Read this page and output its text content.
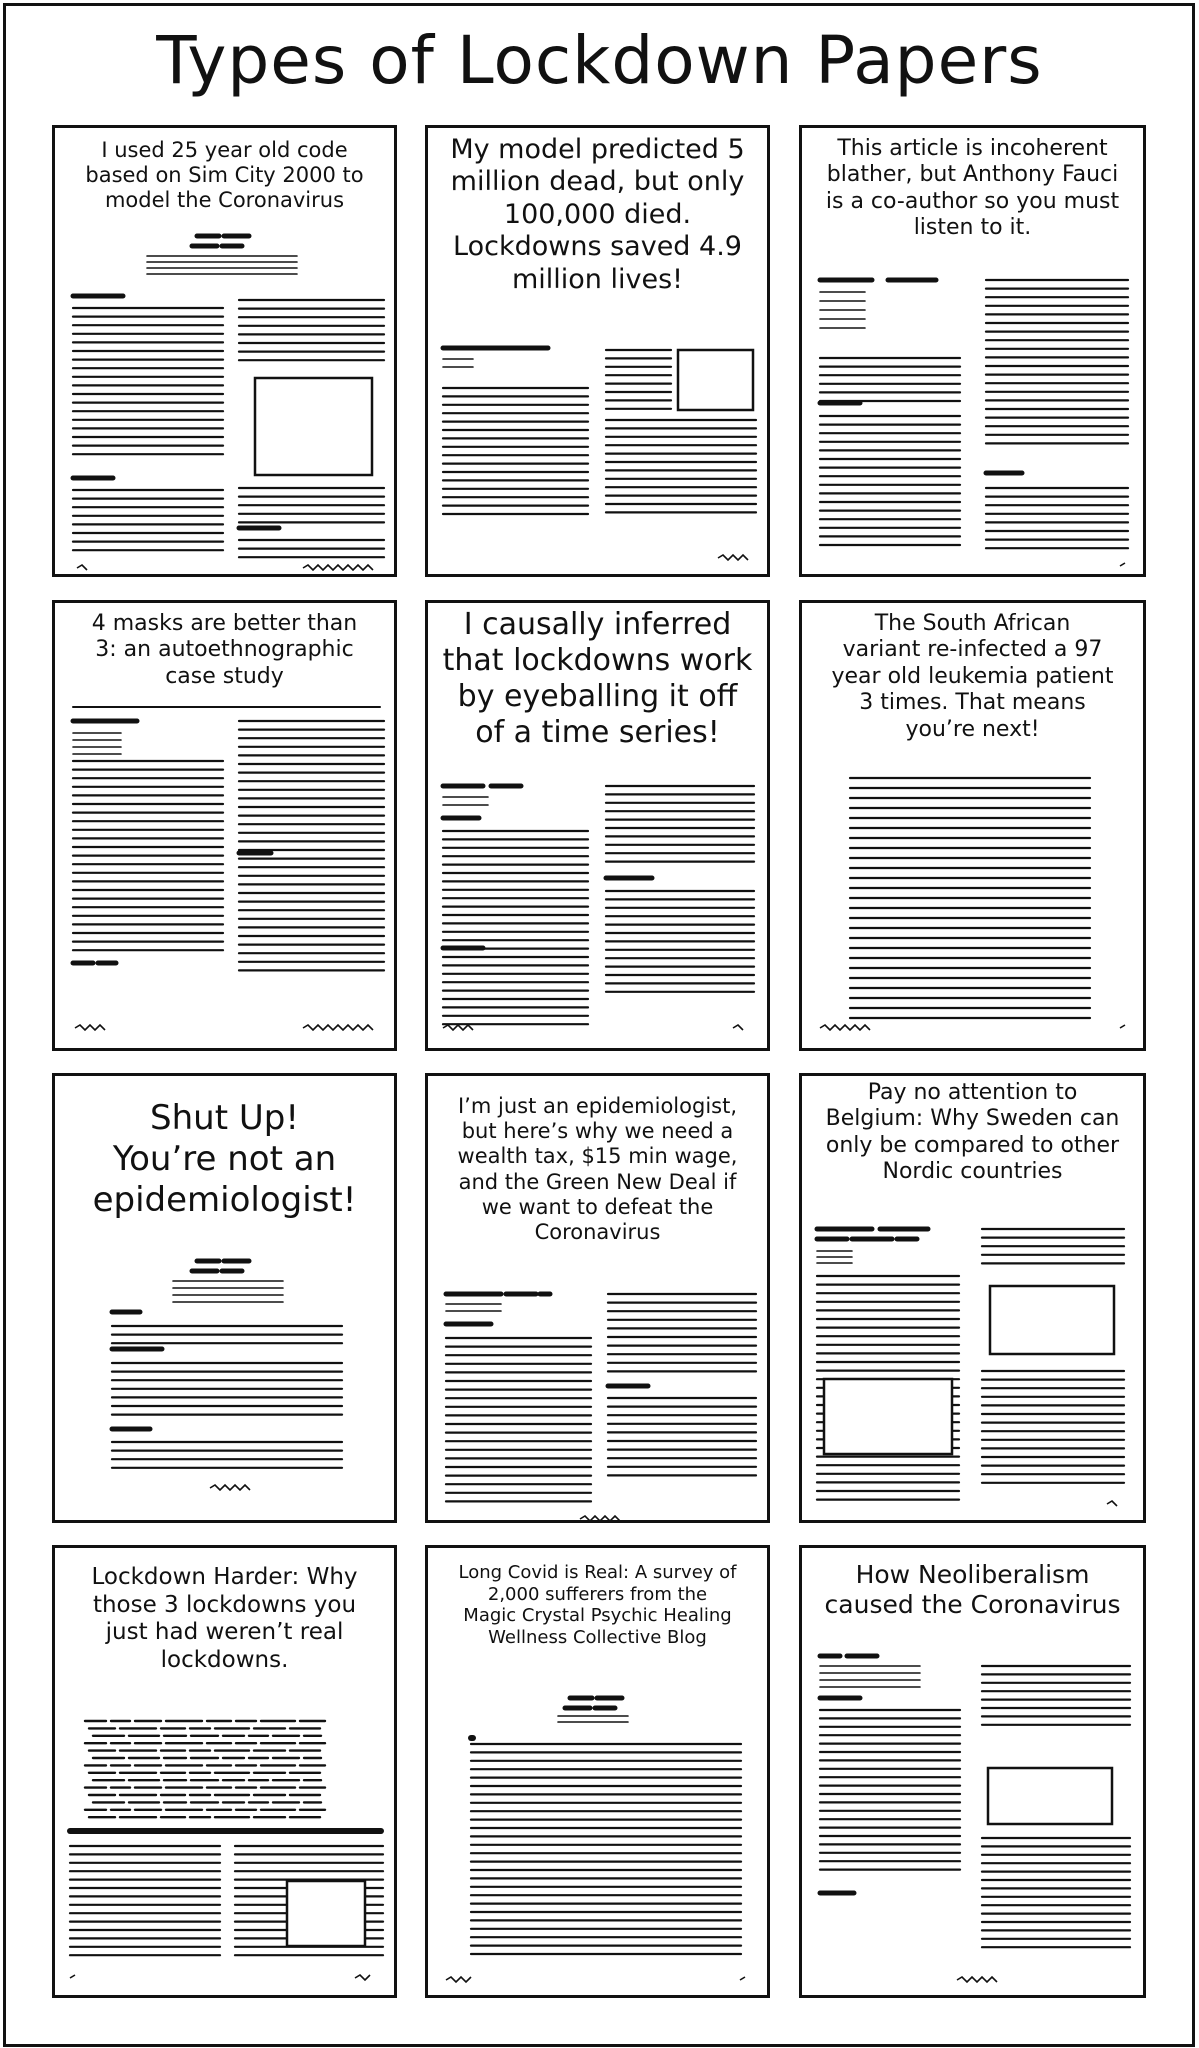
Types of Lockdown Papers
I used 25 year old code
based on Sim City 2000 to
model the Coronavirus
My model predicted 5
million dead, but only
100,000 died.
Lockdowns saved 4.9
million lives!
This article is incoherent
blather, but Anthony Fauci
is a co-author so you must
listen to it.
4 masks are better than
3: an autoethnographic
case study
I causally inferred
that lockdowns work
by eyeballing it off
of a time series!
The South African
variant re-infected a 97
year old leukemia patient
3 times. That means
you’re next!
Shut Up!
You’re not an
epidemiologist!
I’m just an epidemiologist,
but here’s why we need a
wealth tax, $15 min wage,
and the Green New Deal if
we want to defeat the
Coronavirus
Pay no attention to
Belgium: Why Sweden can
only be compared to other
Nordic countries
Lockdown Harder: Why
those 3 lockdowns you
just had weren’t real
lockdowns.
Long Covid is Real: A survey of
2,000 sufferers from the
Magic Crystal Psychic Healing
Wellness Collective Blog
How Neoliberalism
caused the Coronavirus
